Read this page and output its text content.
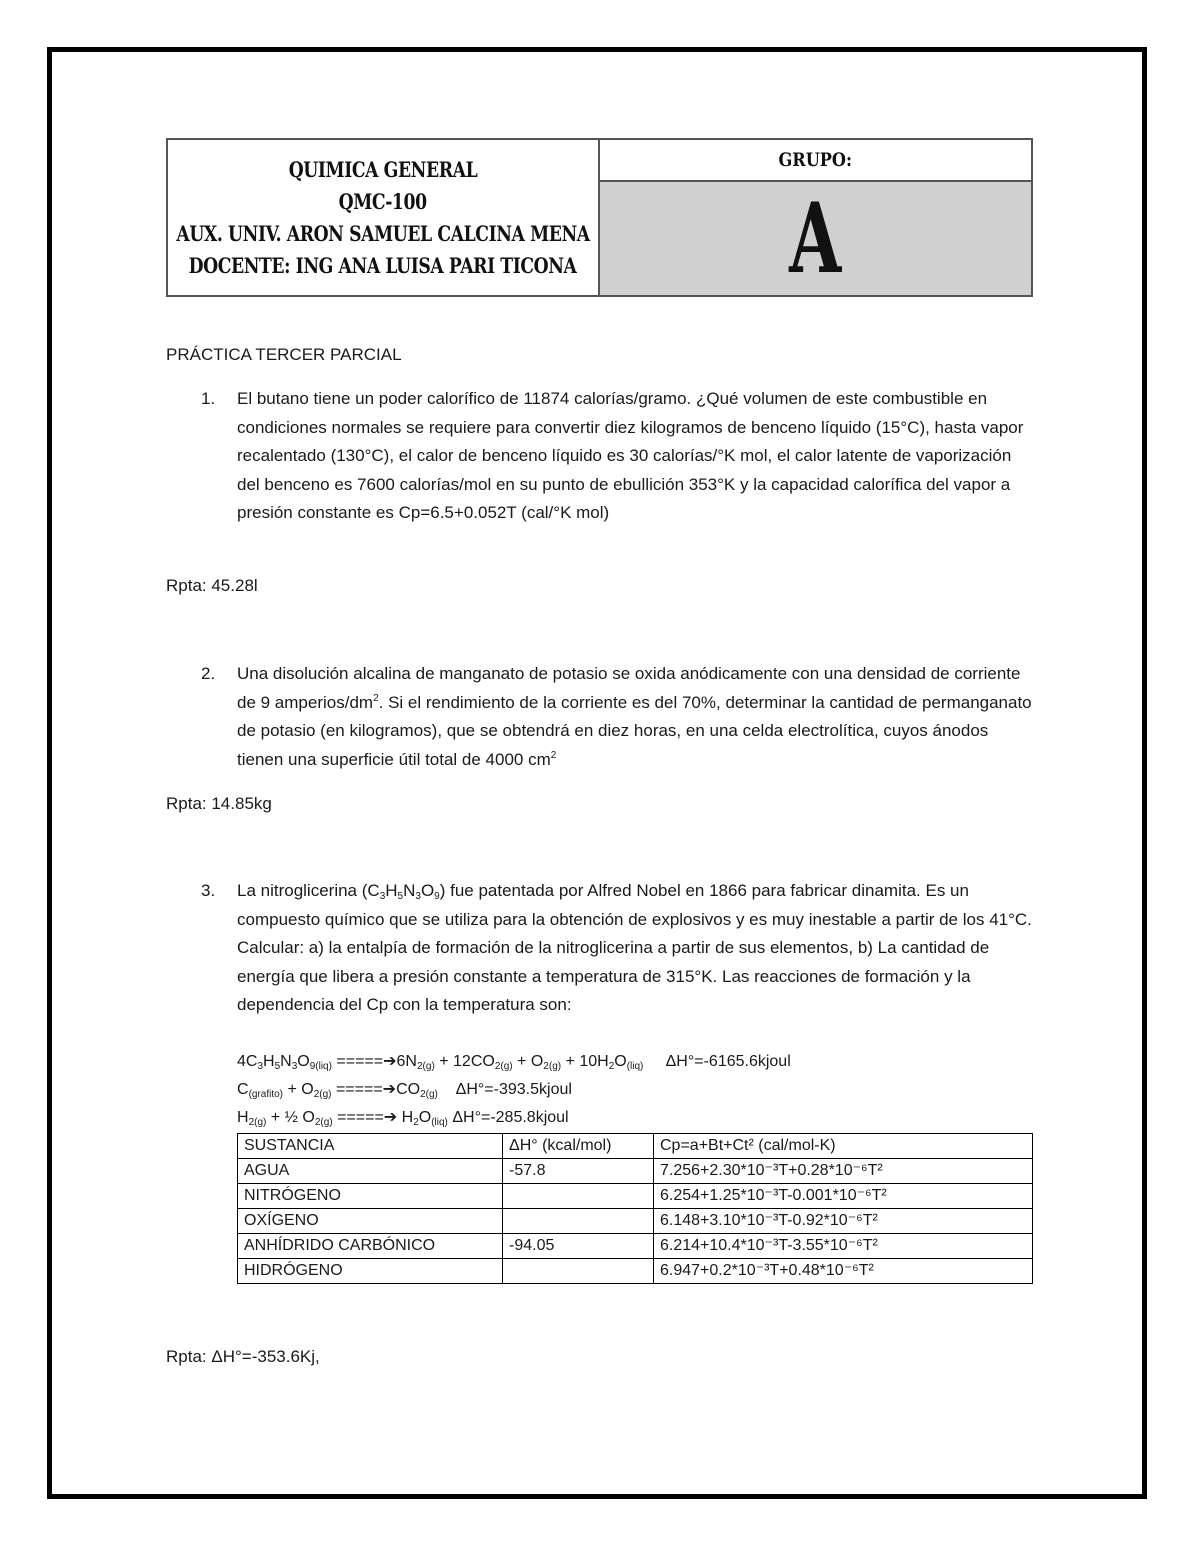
QUIMICA GENERAL
QMC-100
AUX. UNIV. ARON SAMUEL CALCINA MENA
DOCENTE: ING ANA LUISA PARI TICONA
GRUPO:
A
PRÁCTICA TERCER PARCIAL
1. El butano tiene un poder calorífico de 11874 calorías/gramo. ¿Qué volumen de este combustible en condiciones normales se requiere para convertir diez kilogramos de benceno líquido (15°C), hasta vapor recalentado (130°C), el calor de benceno líquido es 30 calorías/°K mol, el calor latente de vaporización del benceno es 7600 calorías/mol en su punto de ebullición 353°K y la capacidad calorífica del vapor a presión constante es Cp=6.5+0.052T (cal/°K mol)

Rpta: 45.28l
2. Una disolución alcalina de manganato de potasio se oxida anódicamente con una densidad de corriente de 9 amperios/$dm^2$. Si el rendimiento de la corriente es del 70%, determinar la cantidad de permanganato de potasio (en kilogramos), que se obtendrá en diez horas, en una celda electrolítica, cuyos ánodos tienen una superficie útil total de 4000 $cm^2$

Rpta: 14.85kg
3. La nitroglicerina $(C_3H_5N_3O_9)$ fue patentada por Alfred Nobel en 1866 para fabricar dinamita. Es un compuesto químico que se utiliza para la obtención de explosivos y es muy inestable a partir de los 41°C. Calcular: a) la entalpía de formación de la nitroglicerina a partir de sus elementos, b) La cantidad de energía que libera a presión constante a temperatura de 315°K. Las reacciones de formación y la dependencia del Cp con la temperatura son:

$4C_3H_5N_3O_{9(liq)}$ $=====➔6N_{2(g)} + 12CO_{2(g)} + O_{2(g)} + 10H_2O_{(liq)}$     ΔH°=-6165.6kjoul
$C_{(grafito)} + O_{2(g)}$ $=====➔CO_{2(g)}$    ΔH°=-393.5kjoul
$H_{2(g)}$ + ½ $O_{2(g)}$ =====➔ $H_2O_{(liq)}$ ΔH°=-285.8kjoul
SUSTANCIA	ΔH° (kcal/mol)	Cp=a+Bt+Ct² (cal/mol-K)
AGUA	-57.8	7.256+2.30*10⁻³T+0.28*10⁻⁶T²
NITRÓGENO		6.254+1.25*10⁻³T-0.001*10⁻⁶T²
OXÍGENO		6.148+3.10*10⁻³T-0.92*10⁻⁶T²
ANHÍDRIDO CARBÓNICO	-94.05	6.214+10.4*10⁻³T-3.55*10⁻⁶T²
HIDRÓGENO		6.947+0.2*10⁻³T+0.48*10⁻⁶T²
Rpta: ΔH°=-353.6Kj,
